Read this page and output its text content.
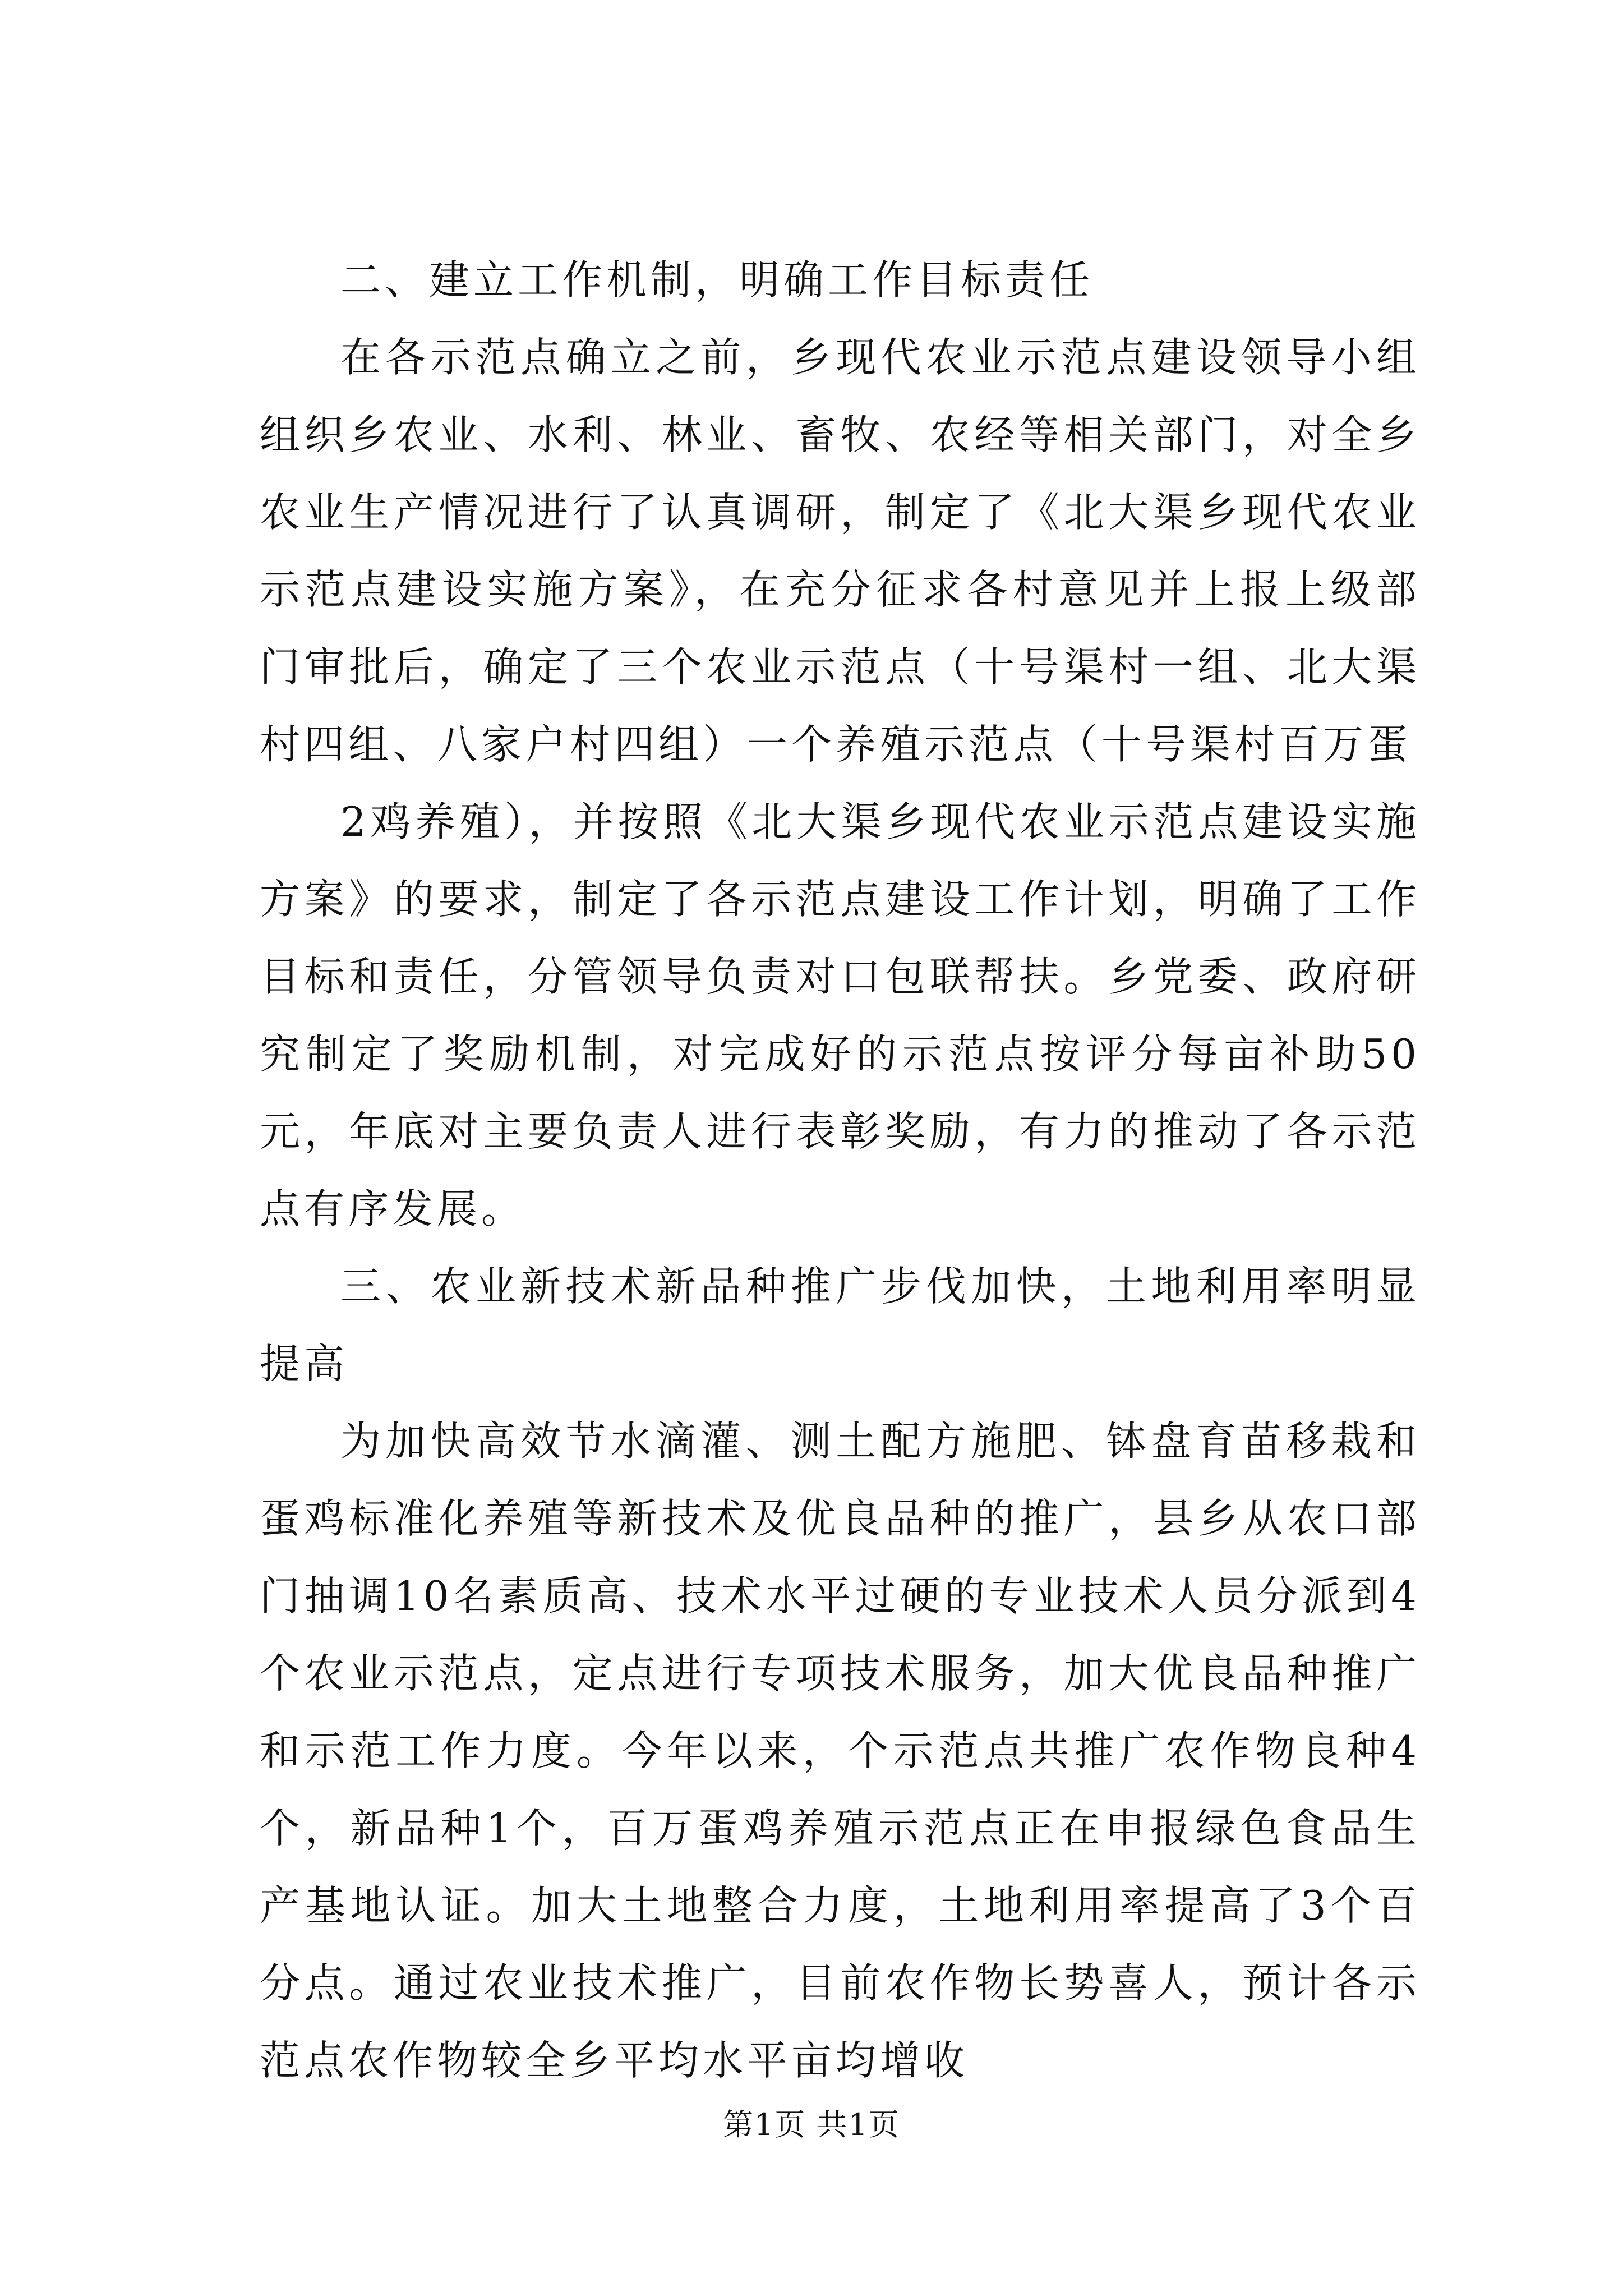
二、建立工作机制，明确工作目标责任

在各示范点确立之前，乡现代农业示范点建设领导小组组织乡农业、水利、林业、畜牧、农经等相关部门，对全乡农业生产情况进行了认真调研，制定了《北大渠乡现代农业示范点建设实施方案》，在充分征求各村意见并上报上级部门审批后，确定了三个农业示范点（十号渠村一组、北大渠村四组、八家户村四组）一个养殖示范点（十号渠村百万蛋

2鸡养殖），并按照《北大渠乡现代农业示范点建设实施方案》的要求，制定了各示范点建设工作计划，明确了工作目标和责任，分管领导负责对口包联帮扶。乡党委、政府研究制定了奖励机制，对完成好的示范点按评分每亩补助50元，年底对主要负责人进行表彰奖励，有力的推动了各示范点有序发展。

三、农业新技术新品种推广步伐加快，土地利用率明显提高

为加快高效节水滴灌、测土配方施肥、钵盘育苗移栽和蛋鸡标准化养殖等新技术及优良品种的推广，县乡从农口部门抽调10名素质高、技术水平过硬的专业技术人员分派到4个农业示范点，定点进行专项技术服务，加大优良品种推广和示范工作力度。今年以来，个示范点共推广农作物良种4个，新品种1个，百万蛋鸡养殖示范点正在申报绿色食品生产基地认证。加大土地整合力度，土地利用率提高了3个百分点。通过农业技术推广，目前农作物长势喜人，预计各示范点农作物较全乡平均水平亩均增收

第1页 共1页
